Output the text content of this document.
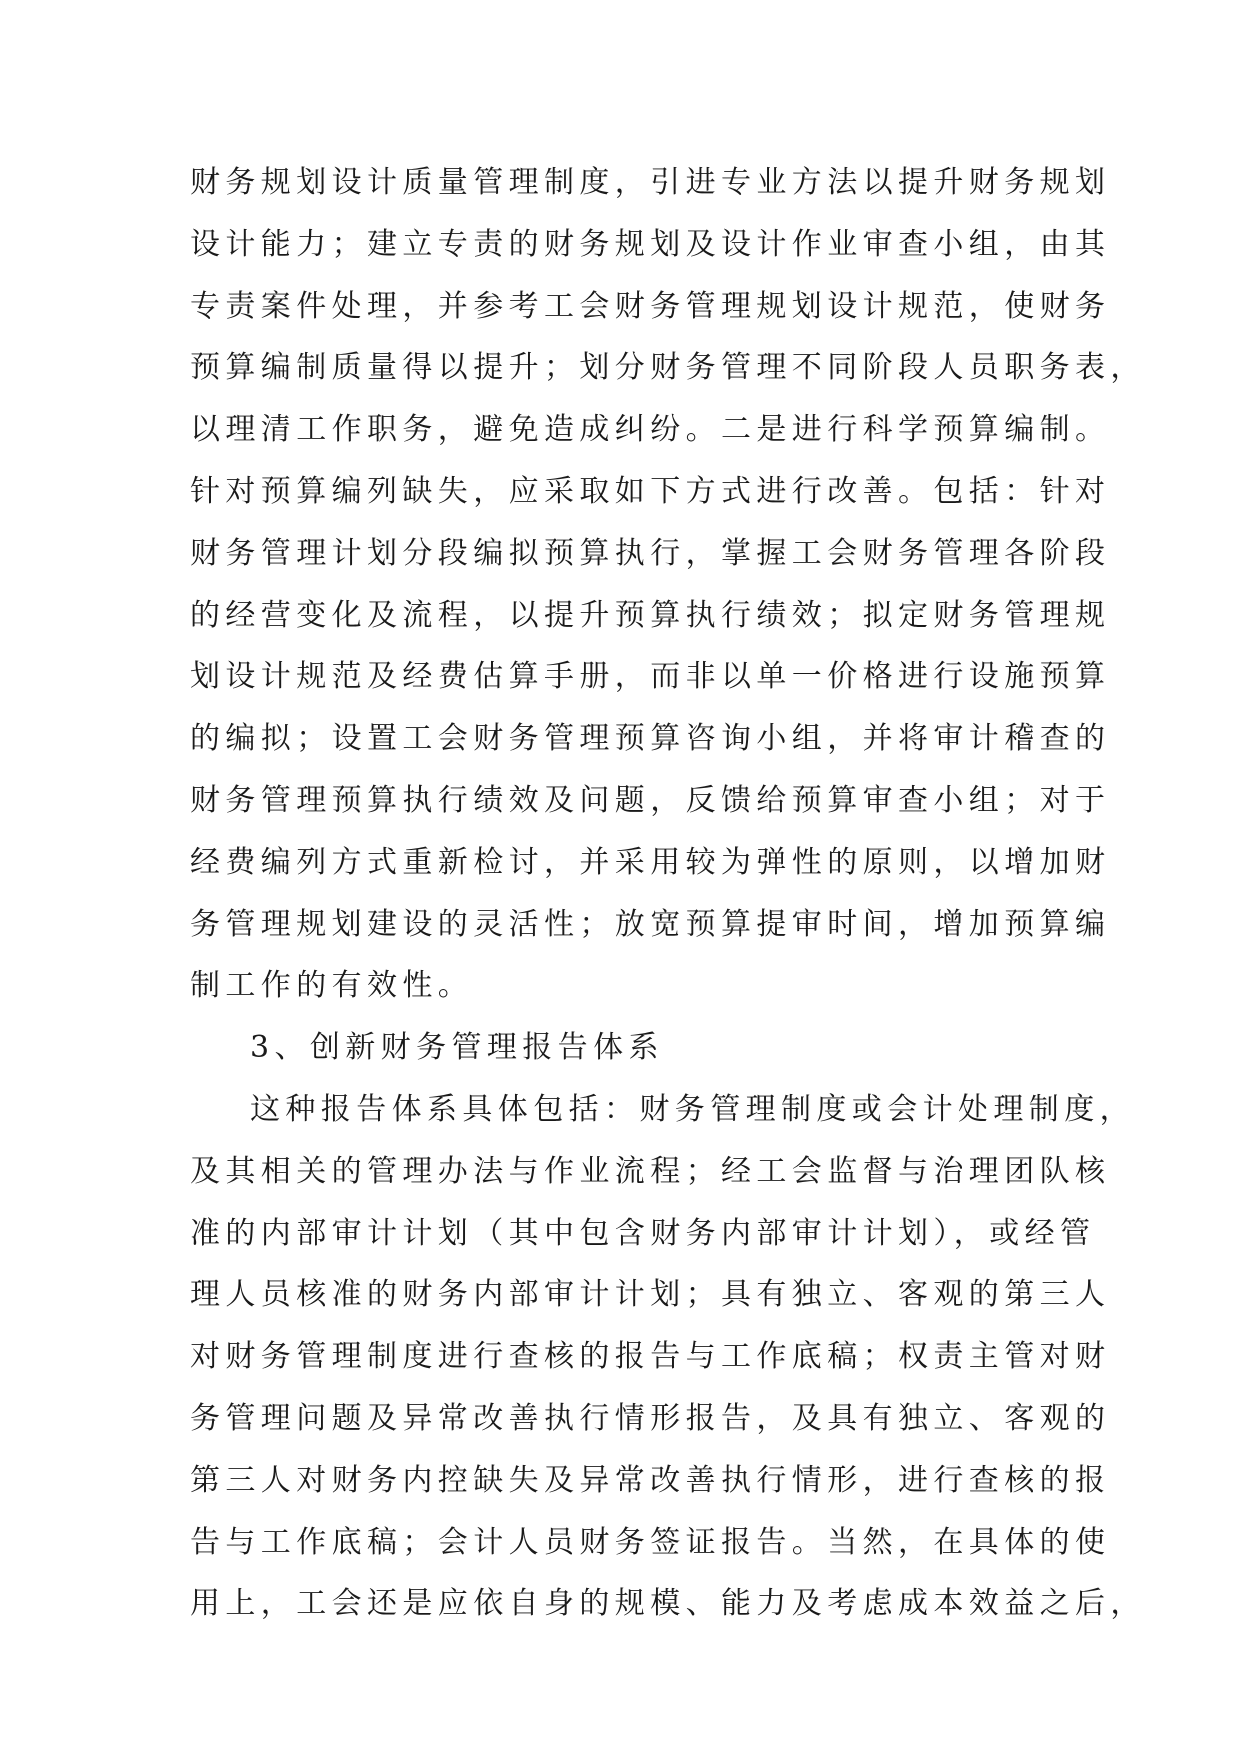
财务规划设计质量管理制度，引进专业方法以提升财务规划
设计能力；建立专责的财务规划及设计作业审查小组，由其
专责案件处理，并参考工会财务管理规划设计规范，使财务
预算编制质量得以提升；划分财务管理不同阶段人员职务表，
以理清工作职务，避免造成纠纷。二是进行科学预算编制。
针对预算编列缺失，应采取如下方式进行改善。包括：针对
财务管理计划分段编拟预算执行，掌握工会财务管理各阶段
的经营变化及流程，以提升预算执行绩效；拟定财务管理规
划设计规范及经费估算手册，而非以单一价格进行设施预算
的编拟；设置工会财务管理预算咨询小组，并将审计稽查的
财务管理预算执行绩效及问题，反馈给预算审查小组；对于
经费编列方式重新检讨，并采用较为弹性的原则，以增加财
务管理规划建设的灵活性；放宽预算提审时间，增加预算编
制工作的有效性。
3、创新财务管理报告体系
这种报告体系具体包括：财务管理制度或会计处理制度，
及其相关的管理办法与作业流程；经工会监督与治理团队核
准的内部审计计划（其中包含财务内部审计计划），或经管
理人员核准的财务内部审计计划；具有独立、客观的第三人
对财务管理制度进行查核的报告与工作底稿；权责主管对财
务管理问题及异常改善执行情形报告，及具有独立、客观的
第三人对财务内控缺失及异常改善执行情形，进行查核的报
告与工作底稿；会计人员财务签证报告。当然，在具体的使
用上，工会还是应依自身的规模、能力及考虑成本效益之后，
